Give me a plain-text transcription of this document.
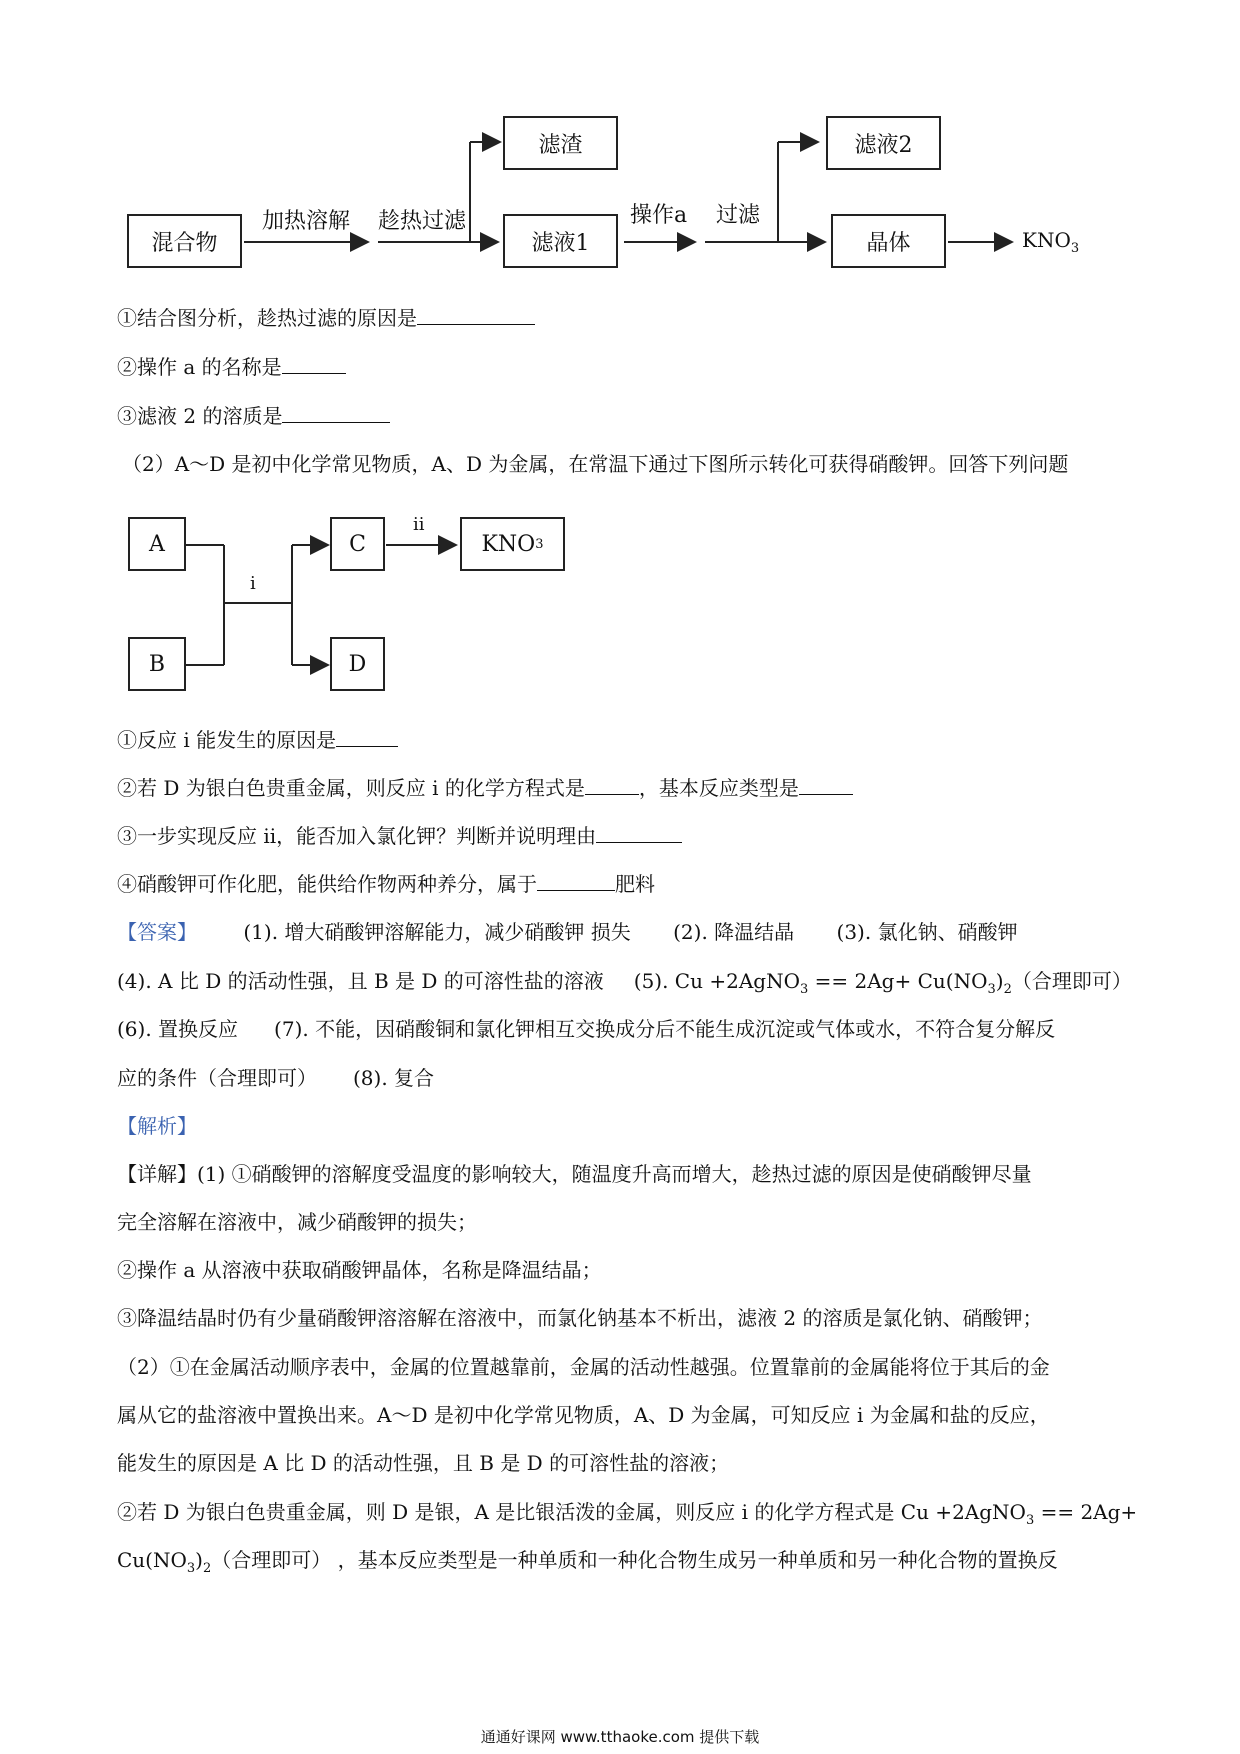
混合物
加热溶解 趁热过滤
滤渣
滤液1
操作a 过滤
滤液2
晶体	$KNO_3$
①结合图分析，趁热过滤的原因是
②操作 a 的名称是
③滤液 2 的溶质是
（2）A～D 是初中化学常见物质，A、D 为金属，在常温下通过下图所示转化可获得硝酸钾。回答下列问题
A
B
i
C
D
ii
KNO 3
①反应 i 能发生的原因是
②若 D 为银白色贵重金属，则反应 i 的化学方程式是	，基本反应类型是
③一步实现反应 ii，能否加入氯化钾？判断并说明理由
④硝酸钾可作化肥，能供给作物两种养分，属于	肥料
【答案】 (1). 增大硝酸钾溶解能力，减少硝酸钾 损失 (2). 降温结晶 (3). 氯化钠、硝酸钾
(4). A 比 D 的活动性强，且 B 是 D 的可溶性盐的溶液 (5). Cu +2AgNO$_3$ == $2Ag+ Cu(NO_3)_2$（合理即可）
(6). 置换反应 (7). 不能，因硝酸铜和氯化钾相互交换成分后不能生成沉淀或气体或水，不符合复分解反
应的条件（合理即可） (8). 复合
【解析】
【详解】(1) ①硝酸钾的溶解度受温度的影响较大，随温度升高而增大，趁热过滤的原因是使硝酸钾尽量
完全溶解在溶液中，减少硝酸钾的损失；
②操作 a 从溶液中获取硝酸钾晶体，名称是降温结晶；
③降温结晶时仍有少量硝酸钾溶溶解在溶液中，而氯化钠基本不析出，滤液 2 的溶质是氯化钠、硝酸钾；
（2）①在金属活动顺序表中，金属的位置越靠前，金属的活动性越强。位置靠前的金属能将位于其后的金
属从它的盐溶液中置换出来。A～D 是初中化学常见物质，A、D 为金属，可知反应 i 为金属和盐的反应，
能发生的原因是 A 比 D 的活动性强，且 B 是 D 的可溶性盐的溶液；
②若 D 为银白色贵重金属，则 D 是银，A 是比银活泼的金属，则反应 i 的化学方程式是 Cu +2AgNO$_3$ == 2Ag+
$Cu(NO_3)_2$（合理即可） ，基本反应类型是一种单质和一种化合物生成另一种单质和另一种化合物的置换反
通通好课网 www.tthaoke.com 提供下载
